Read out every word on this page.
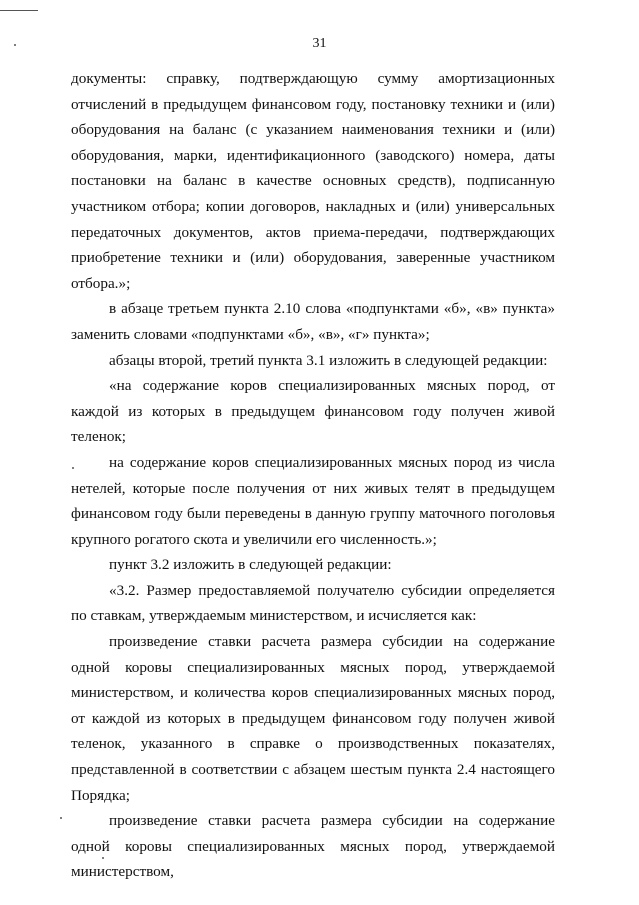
31

документы: справку, подтверждающую сумму амортизационных отчислений в предыдущем финансовом году, постановку техники и (или) оборудования на баланс (с указанием наименования техники и (или) оборудования, марки, идентификационного (заводского) номера, даты постановки на баланс в качестве основных средств), подписанную участником отбора; копии договоров, накладных и (или) универсальных передаточных документов, актов приема-передачи, подтверждающих приобретение техники и (или) оборудования, заверенные участником отбора.»;

в абзаце третьем пункта 2.10 слова «подпунктами «б», «в» пункта» заменить словами «подпунктами «б», «в», «г» пункта»;

абзацы второй, третий пункта 3.1 изложить в следующей редакции:

«на содержание коров специализированных мясных пород, от каждой из которых в предыдущем финансовом году получен живой теленок;

на содержание коров специализированных мясных пород из числа нетелей, которые после получения от них живых телят в предыдущем финансовом году были переведены в данную группу маточного поголовья крупного рогатого скота и увеличили его численность.»;

пункт 3.2 изложить в следующей редакции:

«3.2. Размер предоставляемой получателю субсидии определяется по ставкам, утверждаемым министерством, и исчисляется как:

произведение ставки расчета размера субсидии на содержание одной коровы специализированных мясных пород, утверждаемой министерством, и количества коров специализированных мясных пород, от каждой из которых в предыдущем финансовом году получен живой теленок, указанного в справке о производственных показателях, представленной в соответствии с абзацем шестым пункта 2.4 настоящего Порядка;

произведение ставки расчета размера субсидии на содержание одной коровы специализированных мясных пород, утверждаемой министерством,
